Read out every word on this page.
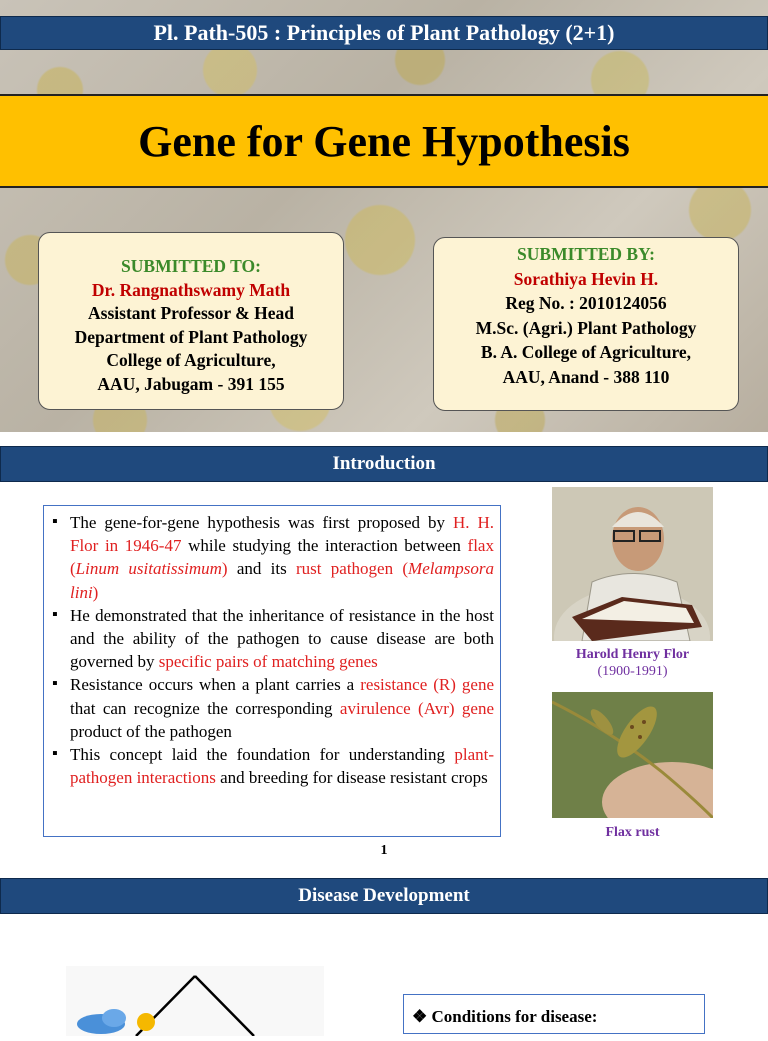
Pl. Path-505 : Principles of Plant Pathology (2+1)
Gene for Gene Hypothesis
SUBMITTED TO:
Dr. Rangnathswamy Math
Assistant Professor & Head
Department of Plant Pathology
College of Agriculture,
AAU, Jabugam - 391 155
SUBMITTED BY:
Sorathiya Hevin H.
Reg No. : 2010124056
M.Sc. (Agri.) Plant Pathology
B. A. College of Agriculture,
AAU, Anand - 388 110
Introduction
▪ The gene-for-gene hypothesis was first proposed by H. H. Flor in 1946-47 while studying the interaction between flax (Linum usitatissimum) and its rust pathogen (Melampsora lini)
▪ He demonstrated that the inheritance of resistance in the host and the ability of the pathogen to cause disease are both governed by specific pairs of matching genes
▪ Resistance occurs when a plant carries a resistance (R) gene that can recognize the corresponding avirulence (Avr) gene product of the pathogen
▪ This concept laid the foundation for understanding plant-pathogen interactions and breeding for disease resistant crops
Harold Henry Flor
(1900-1991)
Flax rust
1
Disease Development
❖ Conditions for disease:
